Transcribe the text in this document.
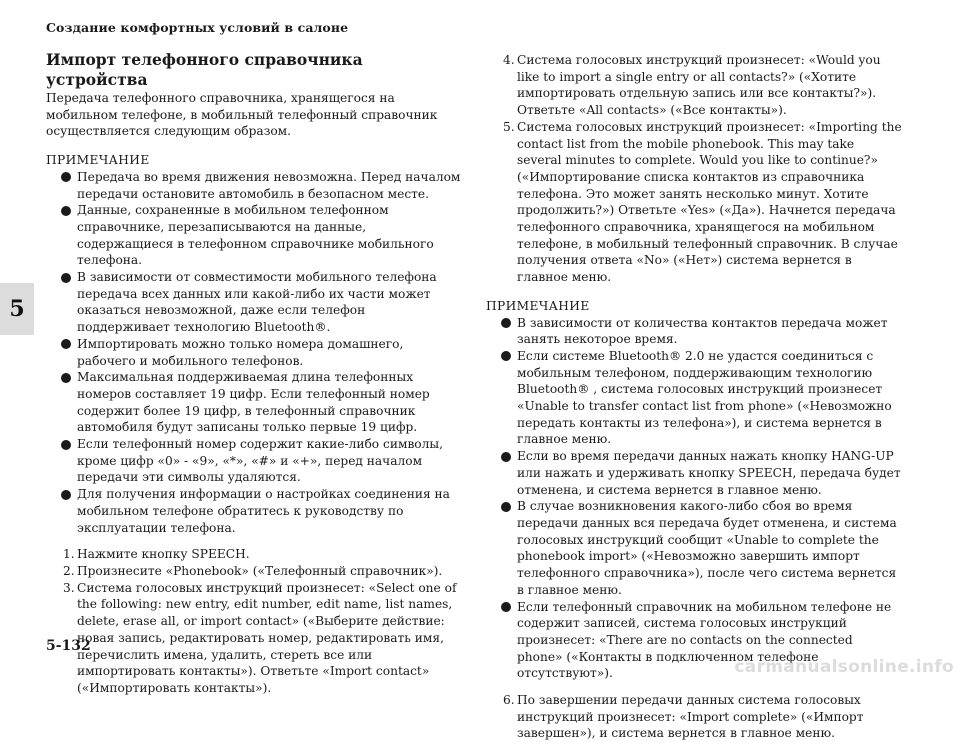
Создание комфортных условий в салоне
5
Импорт телефонного справочника устройства

Передача телефонного справочника, хранящегося на мобильном телефоне, в мобильный телефонный справочник осуществляется следующим образом.

ПРИМЕЧАНИЕ

Передача во время движения невозможна. Перед началом передачи остановите автомобиль в безопасном месте.
Данные, сохраненные в мобильном телефонном справочнике, перезаписываются на данные, содержащиеся в телефонном справочнике мобильного телефона.
В зависимости от совместимости мобильного телефона передача всех данных или какой-либо их части может оказаться невозможной, даже если телефон поддерживает технологию Bluetooth®.
Импортировать можно только номера домашнего, рабочего и мобильного телефонов.
Максимальная поддерживаемая длина телефонных номеров составляет 19 цифр. Если телефонный номер содержит более 19 цифр, в телефонный справочник автомобиля будут записаны только первые 19 цифр.
Если телефонный номер содержит какие-либо символы, кроме цифр «0» - «9», «*», «#» и «+», перед началом передачи эти символы удаляются.
Для получения информации о настройках соединения на мобильном телефоне обратитесь к руководству по эксплуатации телефона.
1. Нажмите кнопку SPEECH.
2. Произнесите «Phonebook» («Телефонный справочник»).
3. Система голосовых инструкций произнесет: «Select one of the following: new entry, edit number, edit name, list names, delete, erase all, or import contact» («Выберите действие: новая запись, редактировать номер, редактировать имя, перечислить имена, удалить, стереть все или импортировать контакты»). Ответьте «Import contact» («Импортировать контакты»).
4. Система голосовых инструкций произнесет: «Would you like to import a single entry or all contacts?» («Хотите импортировать отдельную запись или все контакты?»). Ответьте «All contacts» («Все контакты»).
5. Система голосовых инструкций произнесет: «Importing the contact list from the mobile phonebook. This may take several minutes to complete. Would you like to continue?» («Импортирование списка контактов из справочника телефона. Это может занять несколько минут. Хотите продолжить?») Ответьте «Yes» («Да»). Начнется передача телефонного справочника, хранящегося на мобильном телефоне, в мобильный телефонный справочник. В случае получения ответа «No» («Нет») система вернется в главное меню.

ПРИМЕЧАНИЕ

В зависимости от количества контактов передача может занять некоторое время.
Если системе Bluetooth® 2.0 не удастся соединиться с мобильным телефоном, поддерживающим технологию Bluetooth® , система голосовых инструкций произнесет «Unable to transfer contact list from phone» («Невозможно передать контакты из телефона»), и система вернется в главное меню.
Если во время передачи данных нажать кнопку HANG-UP или нажать и удерживать кнопку SPEECH, передача будет отменена, и система вернется в главное меню.
В случае возникновения какого-либо сбоя во время передачи данных вся передача будет отменена, и система голосовых инструкций сообщит «Unable to complete the phonebook import» («Невозможно завершить импорт телефонного справочника»), после чего система вернется в главное меню.
Если телефонный справочник на мобильном телефоне не содержит записей, система голосовых инструкций произнесет: «There are no contacts on the connected phone» («Контакты в подключенном телефоне отсутствуют»).
6. По завершении передачи данных система голосовых инструкций произнесет: «Import complete» («Импорт завершен»), и система вернется в главное меню.
5-132
carmanualsonline.info
